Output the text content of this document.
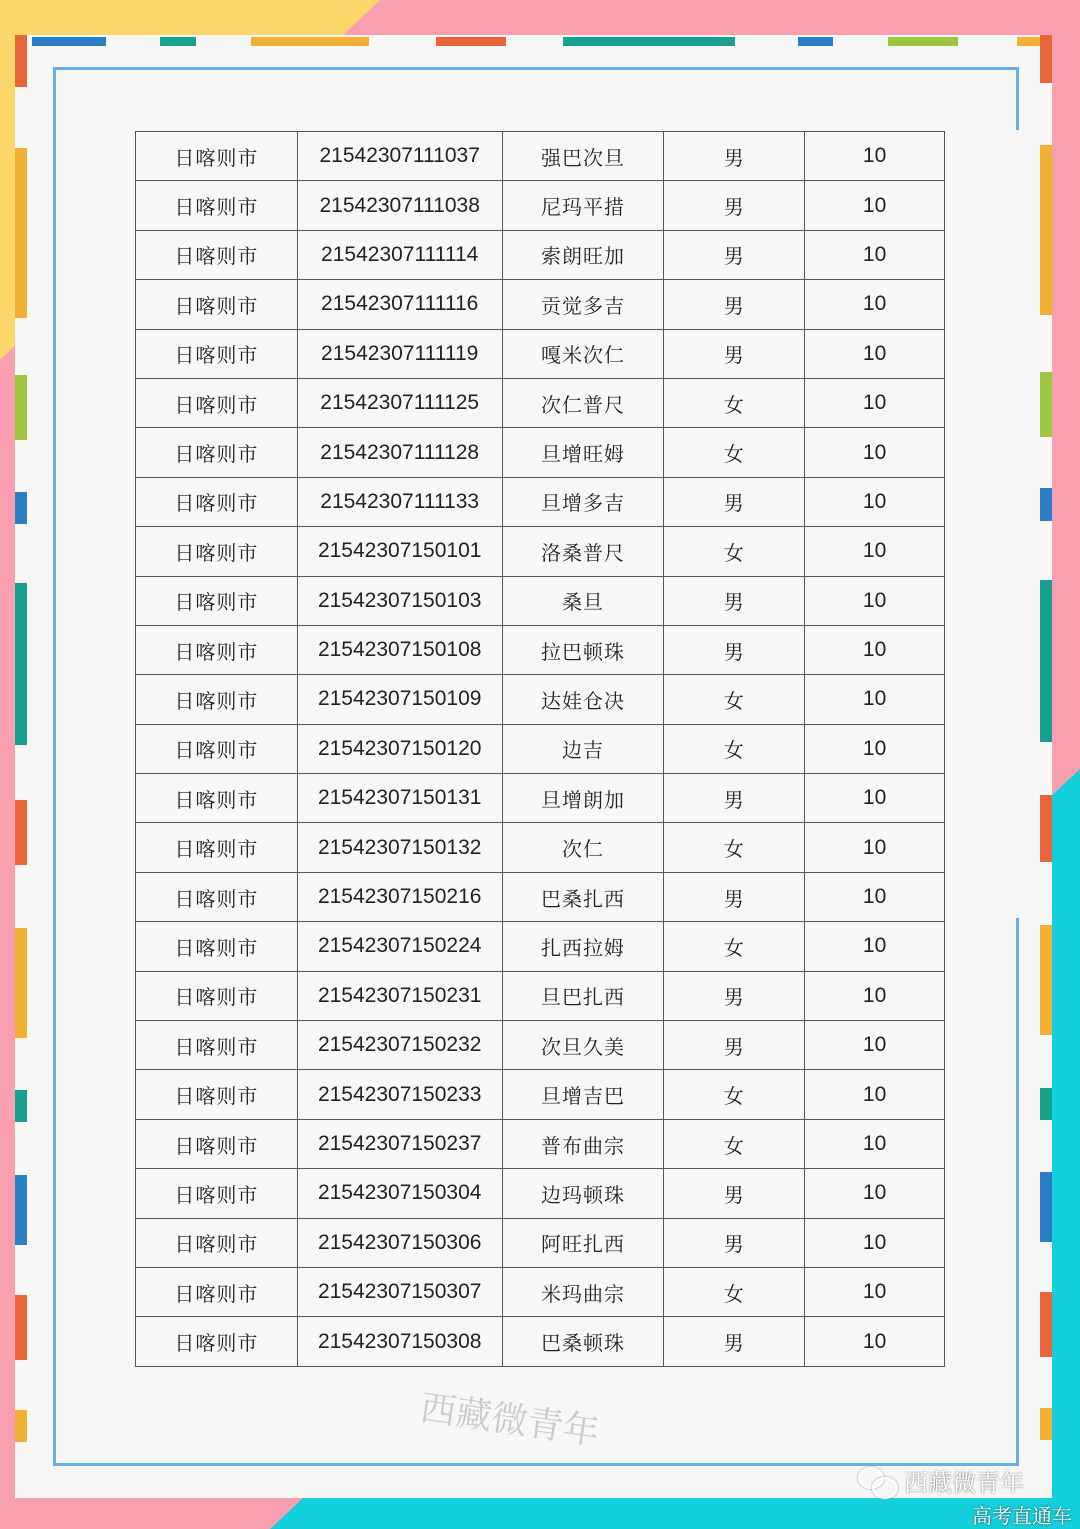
日喀则市	21542307111037	强巴次旦	男	10
日喀则市	21542307111038	尼玛平措	男	10
日喀则市	21542307111114	索朗旺加	男	10
日喀则市	21542307111116	贡觉多吉	男	10
日喀则市	21542307111119	嘎米次仁	男	10
日喀则市	21542307111125	次仁普尺	女	10
日喀则市	21542307111128	旦增旺姆	女	10
日喀则市	21542307111133	旦增多吉	男	10
日喀则市	21542307150101	洛桑普尺	女	10
日喀则市	21542307150103	桑旦	男	10
日喀则市	21542307150108	拉巴顿珠	男	10
日喀则市	21542307150109	达娃仓决	女	10
日喀则市	21542307150120	边吉	女	10
日喀则市	21542307150131	旦增朗加	男	10
日喀则市	21542307150132	次仁	女	10
日喀则市	21542307150216	巴桑扎西	男	10
日喀则市	21542307150224	扎西拉姆	女	10
日喀则市	21542307150231	旦巴扎西	男	10
日喀则市	21542307150232	次旦久美	男	10
日喀则市	21542307150233	旦增吉巴	女	10
日喀则市	21542307150237	普布曲宗	女	10
日喀则市	21542307150304	边玛顿珠	男	10
日喀则市	21542307150306	阿旺扎西	男	10
日喀则市	21542307150307	米玛曲宗	女	10
日喀则市	21542307150308	巴桑顿珠	男	10
西藏微青年
西藏微青年
高考直通车
